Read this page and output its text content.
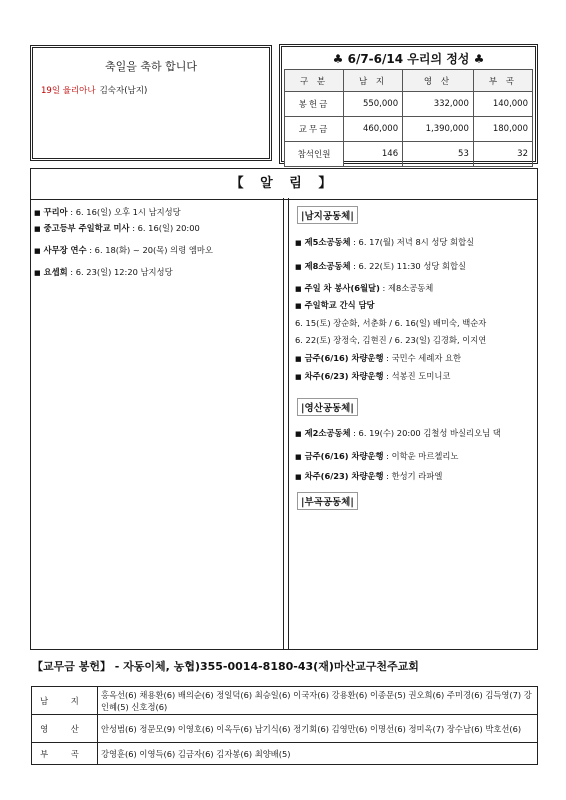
축일을 축하 합니다
19일 율리아나 김숙자(남지)
♣ 6/7-6/14 우리의 정성 ♣
구 분	남 지	영 산	부 곡
봉헌금	550,000	332,000	140,000
교무금	460,000	1,390,000	180,000
참석인원	146	53	32
【 알 림 】
■ 꾸리아 : 6. 16(일) 오후 1시 남지성당
■ 중고등부 주일학교 미사 : 6. 16(일) 20:00
■ 사무장 연수 : 6. 18(화) ~ 20(목) 의령 엠마오
■ 요셉회 : 6. 23(일) 12:20 남지성당
|남지공동체|
■ 제5소공동체 : 6. 17(월) 저녁 8시 성당 회합실
■ 제8소공동체 : 6. 22(토) 11:30 성당 회합실
■ 주일 차 봉사(6월달) : 제8소공동체
■ 주일학교 간식 담당
6. 15(토) 장순화, 서춘화 / 6. 16(일) 배미숙, 백순자
6. 22(토) 장정숙, 김현진 / 6. 23(일) 김경화, 이지연
■ 금주(6/16) 차량운행 : 국민수 세례자 요한
■ 차주(6/23) 차량운행 : 석봉진 도미니코
|영산공동체|
■ 제2소공동체 : 6. 19(수) 20:00 김철성 바실리오님 댁
■ 금주(6/16) 차량운행 : 이학운 마르첼리노
■ 차주(6/23) 차량운행 : 한성기 라파엘
|부곡공동체|
【교무금 봉헌】 - 자동이체, 농협)355-0014-8180-43(재)마산교구천주교회
남 지	홍옥선(6) 채용환(6) 배의순(6) 정일덕(6) 최승일(6) 이국자(6) 강용환(6) 이종문(5) 권오희(6) 주미경(6) 김득영(7) 강인혜(5) 신호정(6)
영 산	안성범(6) 정문모(9) 이영호(6) 이옥두(6) 남기식(6) 정기회(6) 김영만(6) 이명선(6) 정미옥(7) 장수남(6) 박호선(6)
부 곡	강영훈(6) 이영득(6) 김금자(6) 김자봉(6) 최양배(5)
